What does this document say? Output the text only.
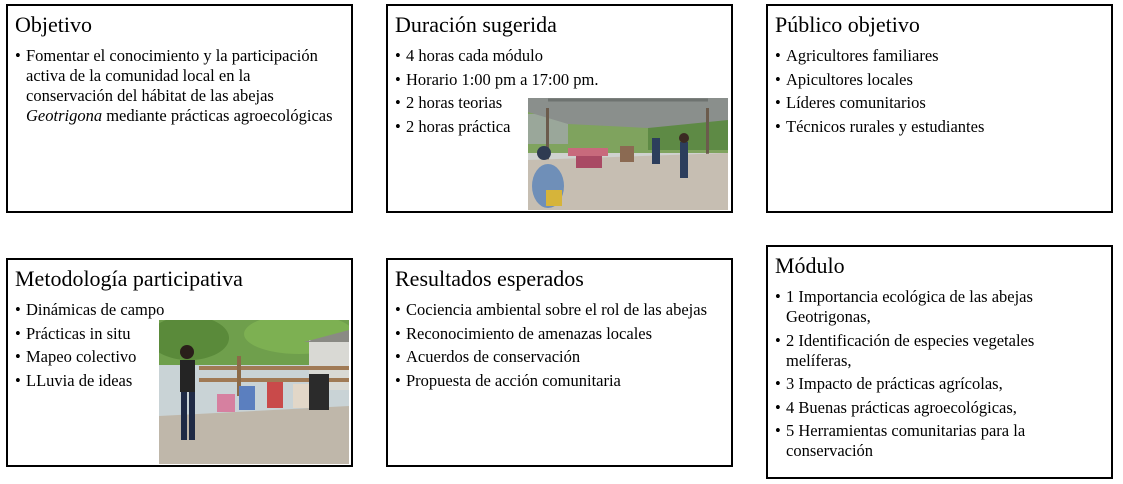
Objetivo
• Fomentar el conocimiento y la participación activa de la comunidad local en la conservación del hábitat de las abejas Geotrigona mediante prácticas agroecológicas
Duración sugerida
• 4 horas cada módulo
• Horario 1:00 pm a 17:00 pm.
• 2 horas teorias
• 2 horas práctica
Público objetivo
• Agricultores familiares
• Apicultores locales
• Líderes comunitarios
• Técnicos rurales y estudiantes
Metodología participativa
• Dinámicas de campo
• Prácticas in situ
• Mapeo colectivo
• LLuvia de ideas
Resultados esperados
• Cociencia ambiental sobre el rol de las abejas
• Reconocimiento de amenazas locales
• Acuerdos de conservación
• Propuesta de acción comunitaria
Módulo
• 1 Importancia ecológica de las abejas Geotrigonas,
• 2 Identificación de especies vegetales melíferas,
• 3 Impacto de prácticas agrícolas,
• 4 Buenas prácticas agroecológicas,
• 5 Herramientas comunitarias para la conservación
